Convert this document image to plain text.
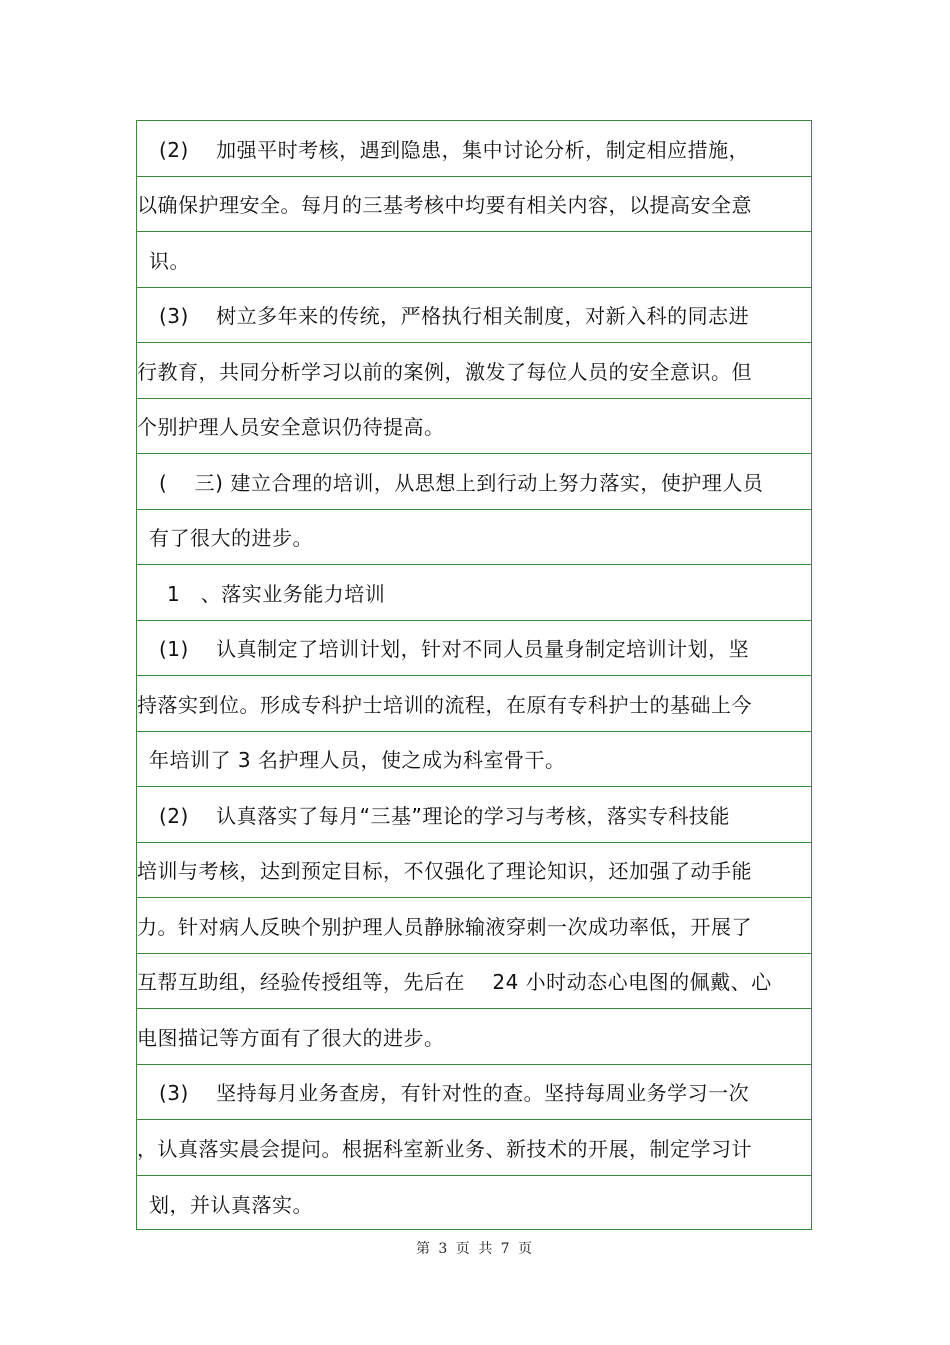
(2)　 加强平时考核，遇到隐患，集中讨论分析，制定相应措施，
以确保护理安全。每月的三基考核中均要有相关内容，以提高安全意
识。
(3)　 树立多年来的传统，严格执行相关制度，对新入科的同志进
行教育，共同分析学习以前的案例，激发了每位人员的安全意识。但
个别护理人员安全意识仍待提高。
(　 三) 建立合理的培训，从思想上到行动上努力落实，使护理人员
有了很大的进步。
1　、落实业务能力培训
(1)　 认真制定了培训计划，针对不同人员量身制定培训计划，坚
持落实到位。形成专科护士培训的流程，在原有专科护士的基础上今
年培训了 3 名护理人员，使之成为科室骨干。
(2)　 认真落实了每月“三基”理论的学习与考核，落实专科技能
培训与考核，达到预定目标，不仅强化了理论知识，还加强了动手能
力。针对病人反映个别护理人员静脉输液穿刺一次成功率低，开展了
互帮互助组，经验传授组等，先后在　 24 小时动态心电图的佩戴、心
电图描记等方面有了很大的进步。
(3)　 坚持每月业务查房，有针对性的查。坚持每周业务学习一次
，认真落实晨会提问。根据科室新业务、新技术的开展，制定学习计
划，并认真落实。
第 3 页 共 7 页
